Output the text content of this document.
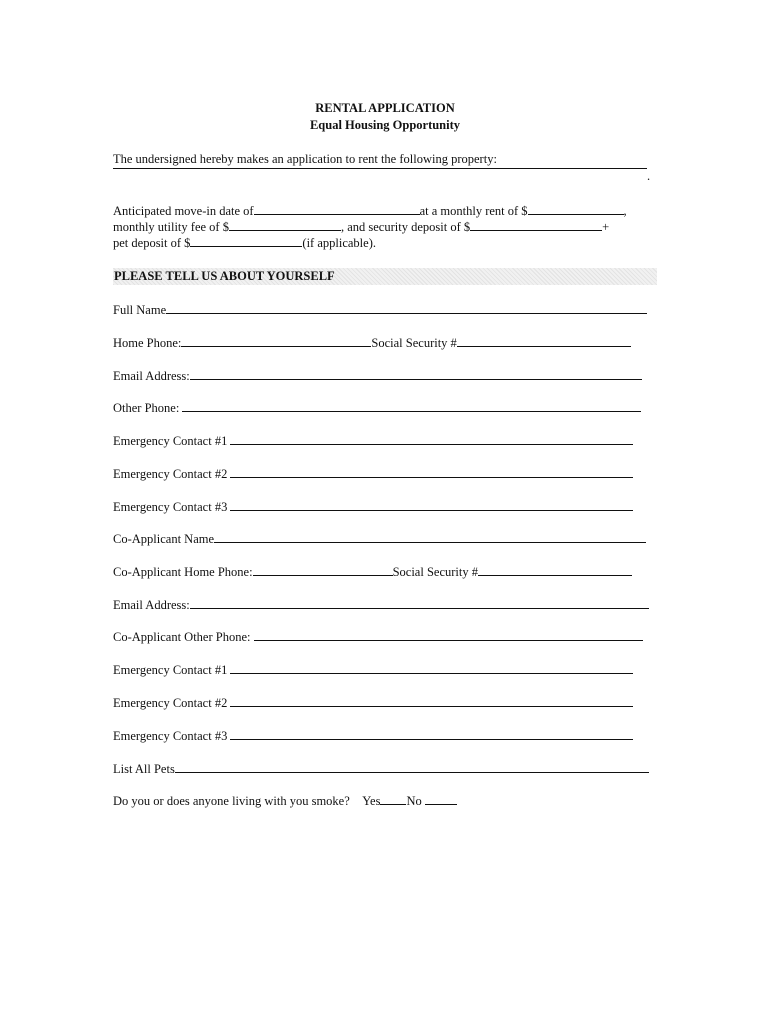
RENTAL APPLICATION
Equal Housing Opportunity
The undersigned hereby makes an application to rent the following property:
.
Anticipated move-in date of	at a monthly rent of $	,
monthly utility fee of $	, and security deposit of $	+
pet deposit of $	(if applicable).
PLEASE TELL US ABOUT YOURSELF
Full Name
Home Phone:	Social Security #
Email Address:
Other Phone:
Emergency Contact #1
Emergency Contact #2
Emergency Contact #3
Co-Applicant Name
Co-Applicant Home Phone:	Social Security #
Email Address:
Co-Applicant Other Phone:
Emergency Contact #1
Emergency Contact #2
Emergency Contact #3
List All Pets
Do you or does anyone living with you smoke? Yes No
